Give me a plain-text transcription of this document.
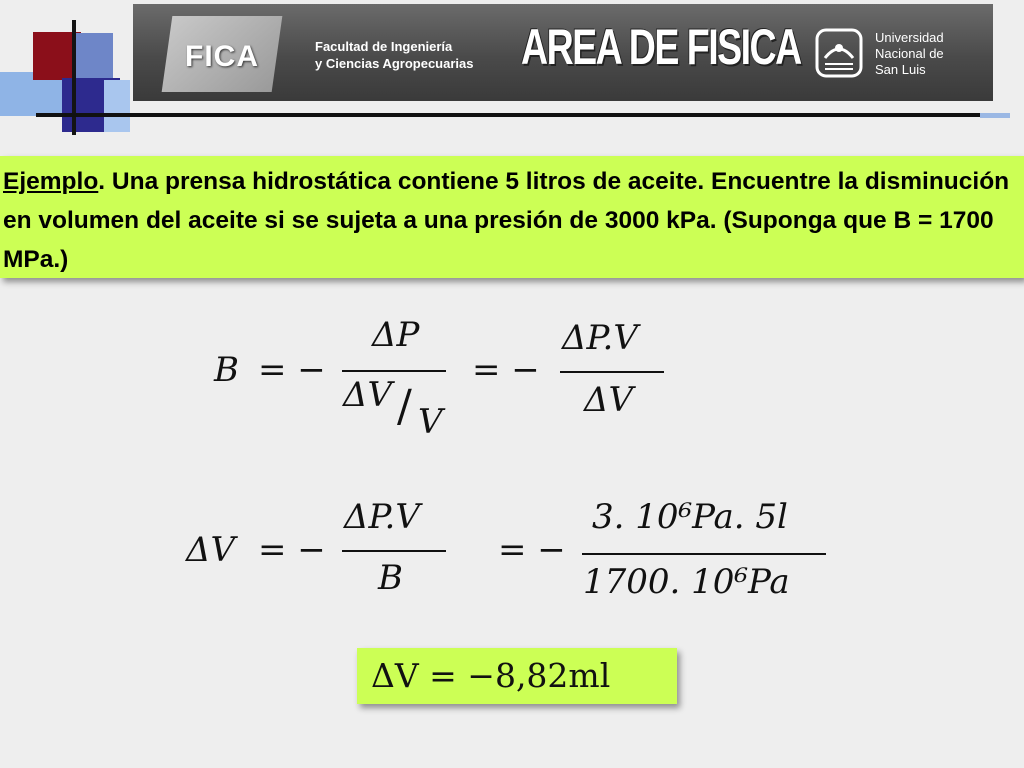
FICA	Facultad de Ingeniería
y Ciencias Agropecuarias AREA DE FISICA	Universidad
Nacional de
San Luis

Ejemplo. Una prensa hidrostática contiene 5 litros de aceite. Encuentre la disminución en volumen del aceite si se sujeta a una presión de 3000 kPa. (Suponga que B = 1700 MPa.)

B = −
ΔP
ΔV / V
= −
ΔP.V
ΔV
ΔV = −
ΔP.V
B
= −
3. 10⁶Pa. 5l
1700. 10⁶Pa
ΔV = −8,82ml
